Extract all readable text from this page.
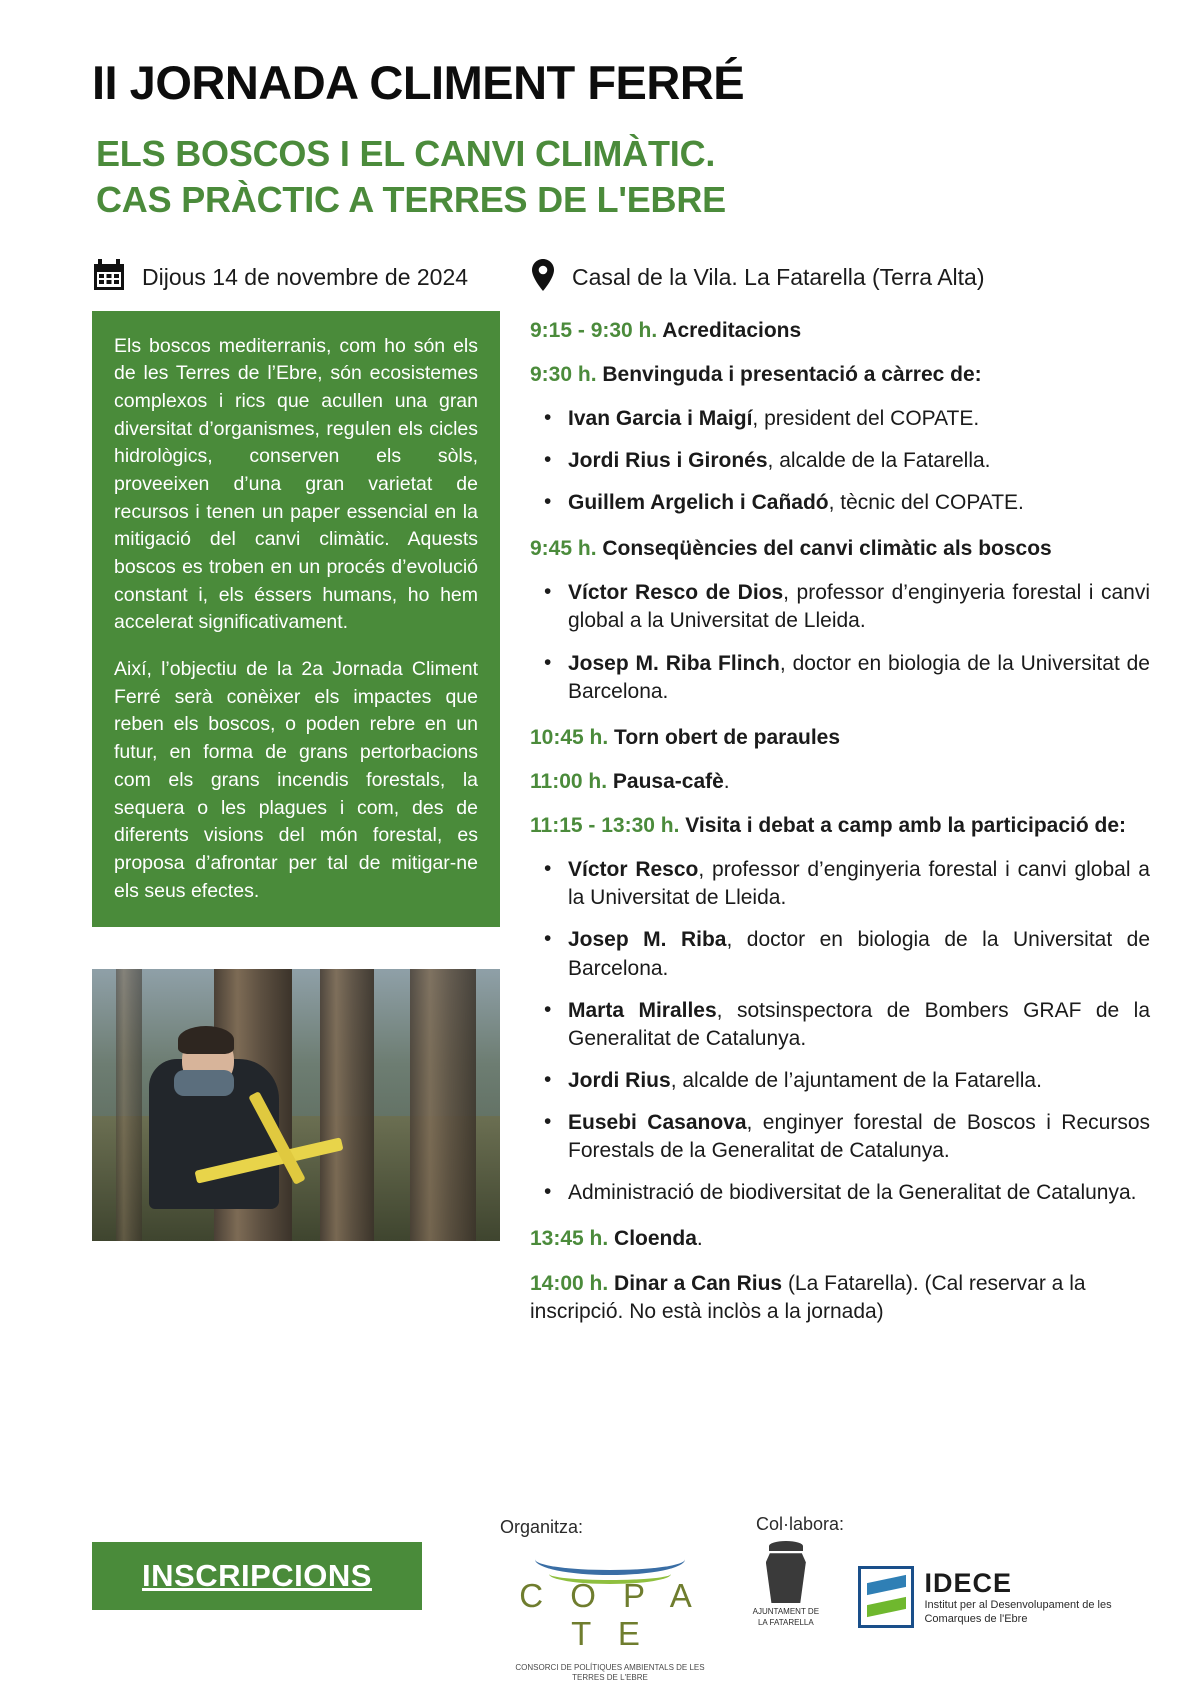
II JORNADA CLIMENT FERRÉ
ELS BOSCOS I EL CANVI CLIMÀTIC.
CAS PRÀCTIC A TERRES DE L'EBRE
Dijous 14 de novembre de 2024	Casal de la Vila. La Fatarella (Terra Alta)

Els boscos mediterranis, com ho són els de les Terres de l’Ebre, són ecosistemes complexos i rics que acullen una gran diversitat d’organismes, regulen els cicles hidrològics, conserven els sòls, proveeixen d’una gran varietat de recursos i tenen un paper essencial en la mitigació del canvi climàtic. Aquests boscos es troben en un procés d’evolució constant i, els éssers humans, ho hem accelerat significativament.

Així, l’objectiu de la 2a Jornada Climent Ferré serà conèixer els impactes que reben els boscos, o poden rebre en un futur, en forma de grans pertorbacions com els grans incendis forestals, la sequera o les plagues i com, des de diferents visions del món forestal, es proposa d’afrontar per tal de mitigar-ne els seus efectes.

9:15 - 9:30 h. Acreditacions
9:30 h. Benvinguda i presentació a càrrec de:
• Ivan Garcia i Maigí, president del COPATE.
• Jordi Rius i Gironés, alcalde de la Fatarella.
• Guillem Argelich i Cañadó, tècnic del COPATE.
9:45 h. Conseqüències del canvi climàtic als boscos
• Víctor Resco de Dios, professor d’enginyeria forestal i canvi global a la Universitat de Lleida.
• Josep M. Riba Flinch, doctor en biologia de la Universitat de Barcelona.
10:45 h. Torn obert de paraules
11:00 h. Pausa-cafè.
11:15 - 13:30 h. Visita i debat a camp amb la participació de:
• Víctor Resco, professor d’enginyeria forestal i canvi global a la Universitat de Lleida.
• Josep M. Riba, doctor en biologia de la Universitat de Barcelona.
• Marta Miralles, sotsinspectora de Bombers GRAF de la Generalitat de Catalunya.
• Jordi Rius, alcalde de l’ajuntament de la Fatarella.
• Eusebi Casanova, enginyer forestal de Boscos i Recursos Forestals de la Generalitat de Catalunya.
• Administració de biodiversitat de la Generalitat de Catalunya.
13:45 h. Cloenda.
14:00 h. Dinar a Can Rius (La Fatarella). (Cal reservar a la inscripció. No està inclòs a la jornada)
INSCRIPCIONS
Organitza:
C O P A T E
CONSORCI DE POLÍTIQUES AMBIENTALS DE LES TERRES DE L'EBRE
Col·labora:
AJUNTAMENT DE LA FATARELLA
IDECE
Institut per al Desenvolupament de les Comarques de l'Ebre
